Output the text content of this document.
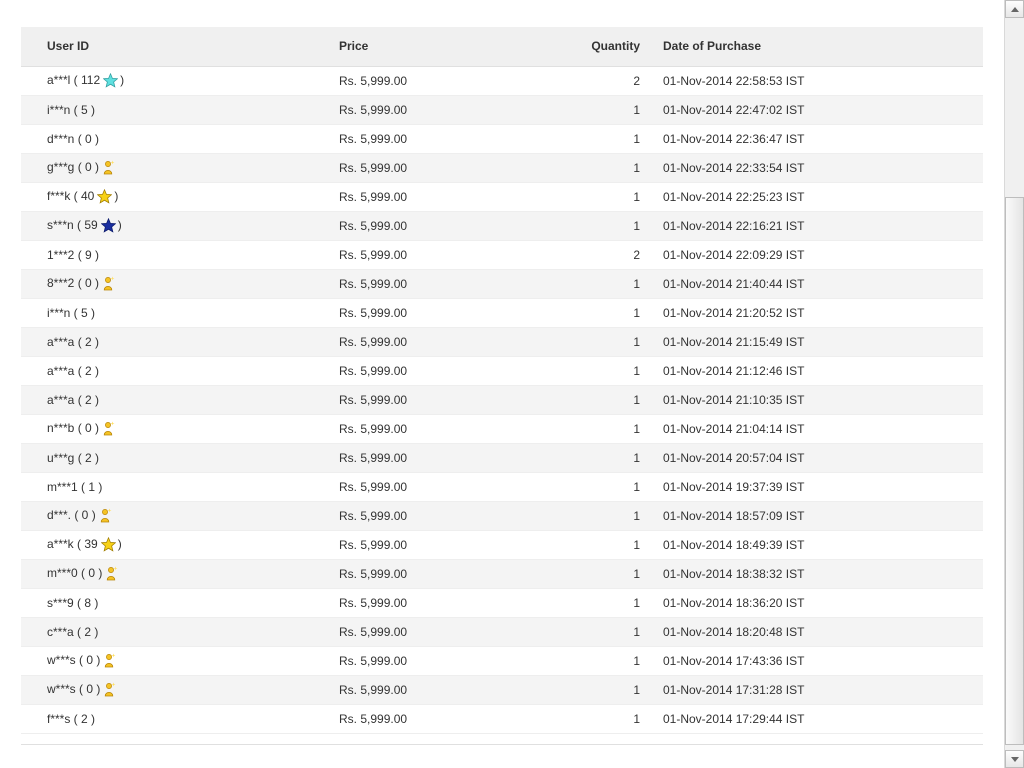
User ID	Price	Quantity	Date of Purchase
a***l ( 112 )	Rs. 5,999.00	2	01-Nov-2014 22:58:53 IST
i***n ( 5 )	Rs. 5,999.00	1	01-Nov-2014 22:47:02 IST
d***n ( 0 )	Rs. 5,999.00	1	01-Nov-2014 22:36:47 IST
g***g ( 0 )	Rs. 5,999.00	1	01-Nov-2014 22:33:54 IST
f***k ( 40 )	Rs. 5,999.00	1	01-Nov-2014 22:25:23 IST
s***n ( 59 )	Rs. 5,999.00	1	01-Nov-2014 22:16:21 IST
1***2 ( 9 )	Rs. 5,999.00	2	01-Nov-2014 22:09:29 IST
8***2 ( 0 )	Rs. 5,999.00	1	01-Nov-2014 21:40:44 IST
i***n ( 5 )	Rs. 5,999.00	1	01-Nov-2014 21:20:52 IST
a***a ( 2 )	Rs. 5,999.00	1	01-Nov-2014 21:15:49 IST
a***a ( 2 )	Rs. 5,999.00	1	01-Nov-2014 21:12:46 IST
a***a ( 2 )	Rs. 5,999.00	1	01-Nov-2014 21:10:35 IST
n***b ( 0 )	Rs. 5,999.00	1	01-Nov-2014 21:04:14 IST
u***g ( 2 )	Rs. 5,999.00	1	01-Nov-2014 20:57:04 IST
m***1 ( 1 )	Rs. 5,999.00	1	01-Nov-2014 19:37:39 IST
d***. ( 0 )	Rs. 5,999.00	1	01-Nov-2014 18:57:09 IST
a***k ( 39 )	Rs. 5,999.00	1	01-Nov-2014 18:49:39 IST
m***0 ( 0 )	Rs. 5,999.00	1	01-Nov-2014 18:38:32 IST
s***9 ( 8 )	Rs. 5,999.00	1	01-Nov-2014 18:36:20 IST
c***a ( 2 )	Rs. 5,999.00	1	01-Nov-2014 18:20:48 IST
w***s ( 0 )	Rs. 5,999.00	1	01-Nov-2014 17:43:36 IST
w***s ( 0 )	Rs. 5,999.00	1	01-Nov-2014 17:31:28 IST
f***s ( 2 )	Rs. 5,999.00	1	01-Nov-2014 17:29:44 IST
